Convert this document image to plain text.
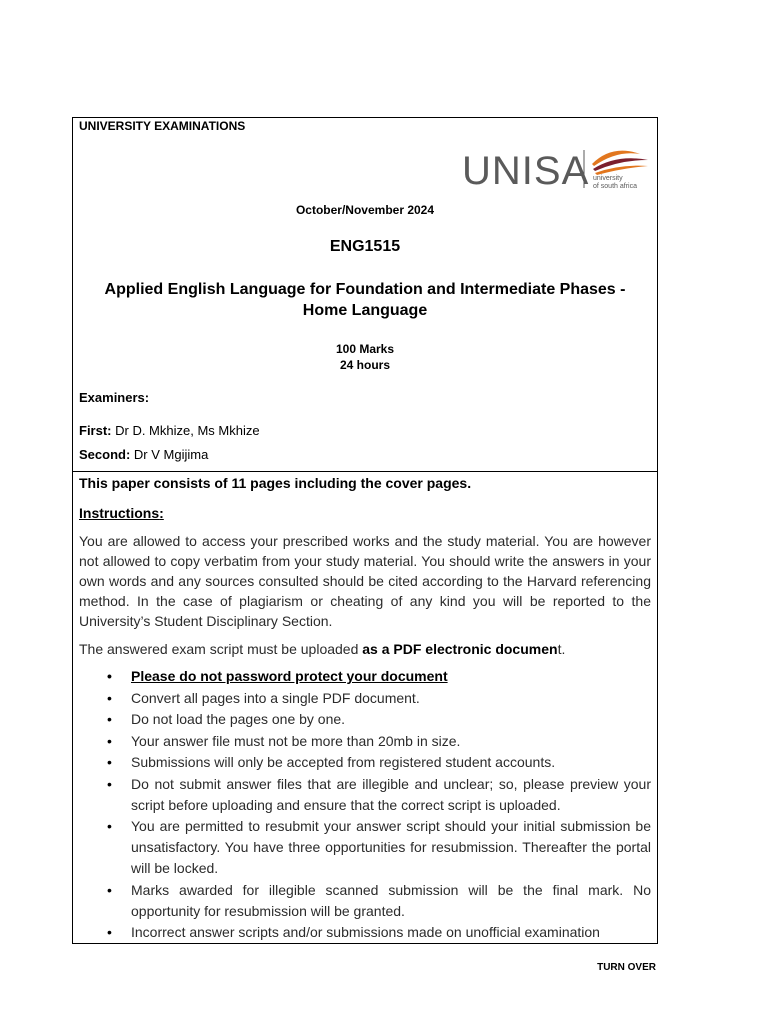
UNIVERSITY EXAMINATIONS
UNISA university
of south africa
October/November 2024
ENG1515
Applied English Language for Foundation and Intermediate Phases - Home Language
100 Marks
24 hours
Examiners:
First: Dr D. Mkhize, Ms Mkhize
Second: Dr V Mgijima

This paper consists of 11 pages including the cover pages.

Instructions:

You are allowed to access your prescribed works and the study material. You are however not allowed to copy verbatim from your study material. You should write the answers in your own words and any sources consulted should be cited according to the Harvard referencing method. In the case of plagiarism or cheating of any kind you will be reported to the University’s Student Disciplinary Section.

The answered exam script must be uploaded as a PDF electronic document.

• Please do not password protect your document
• Convert all pages into a single PDF document.
• Do not load the pages one by one.
• Your answer file must not be more than 20mb in size.
• Submissions will only be accepted from registered student accounts.
• Do not submit answer files that are illegible and unclear; so, please preview your script before uploading and ensure that the correct script is uploaded.
• You are permitted to resubmit your answer script should your initial submission be unsatisfactory. You have three opportunities for resubmission. Thereafter the portal will be locked.
• Marks awarded for illegible scanned submission will be the final mark. No opportunity for resubmission will be granted.
• Incorrect answer scripts and/or submissions made on unofficial examination
TURN OVER
